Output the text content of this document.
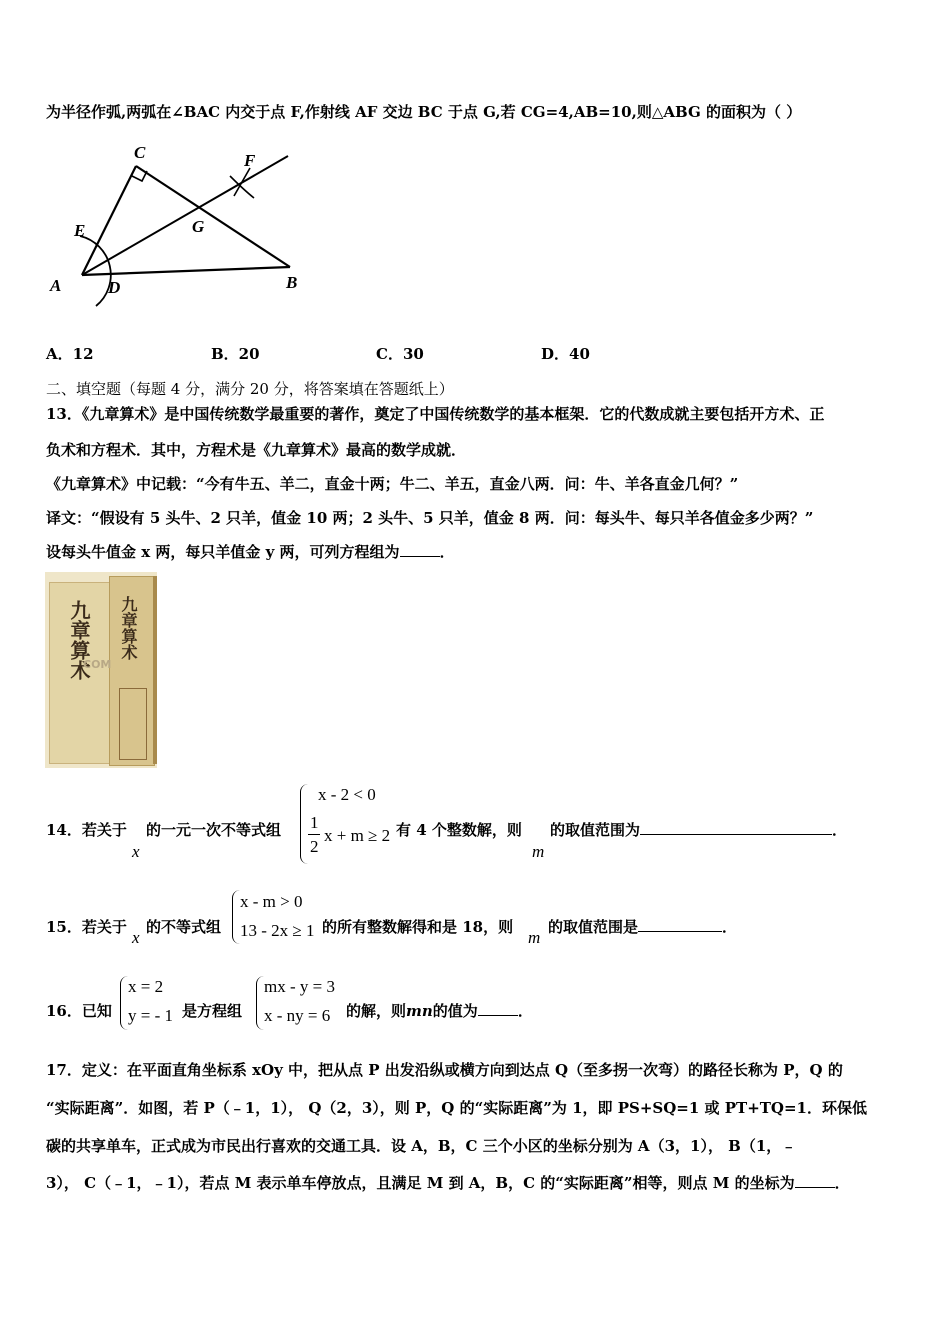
为半径作弧,两弧在∠BAC 内交于点 F,作射线 AF 交边 BC 于点 G,若 CG=4,AB=10,则△ABG 的面积为（ ）
C	F
E	G
A	D	B
A．12	B．20	C．30	D．40
二、填空题（每题 4 分，满分 20 分，将答案填在答题纸上）
13．《九章算术》是中国传统数学最重要的著作，奠定了中国传统数学的基本框架．它的代数成就主要包括开方术、正
负术和方程术．其中，方程术是《九章算术》最高的数学成就．
《九章算术》中记载：“今有牛五、羊二，直金十两；牛二、羊五，直金八两．问：牛、羊各直金几何？”
译文：“假设有 5 头牛、2 只羊，值金 10 两；2 头牛、5 只羊，值金 8 两．问：每头牛、每只羊各值金多少两？”
设每头牛值金 x 两，每只羊值金 y 两，可列方程组为	．
九章算术 九章算术
COM
14．若关于
x
的一元一次不等式组
x - 2 < 0
1
2
x + m ≥ 2 有 4 个整数解，则
m
的取值范围为	．
15．若关于
x
的不等式组
x - m > 0
13 - 2x ≥ 1 的所有整数解得和是 18，则
m
的取值范围是	．
16．已知
x = 2
y = - 1 是方程组
mx - y = 3
x - ny = 6 的解，则mn的值为	．
17．定义：在平面直角坐标系 xOy 中，把从点 P 出发沿纵或横方向到达点 Q（至多拐一次弯）的路径长称为 P，Q 的
“实际距离”．如图，若 P（﹣1，1）， Q（2，3），则 P，Q 的“实际距离”为 1，即 PS+SQ=1 或 PT+TQ=1．环保低
碳的共享单车，正式成为市民出行喜欢的交通工具．设 A，B，C 三个小区的坐标分别为 A（3，1）， B（1，﹣
3）， C（﹣1，﹣1），若点 M 表示单车停放点，且满足 M 到 A，B，C 的“实际距离”相等，则点 M 的坐标为	．
